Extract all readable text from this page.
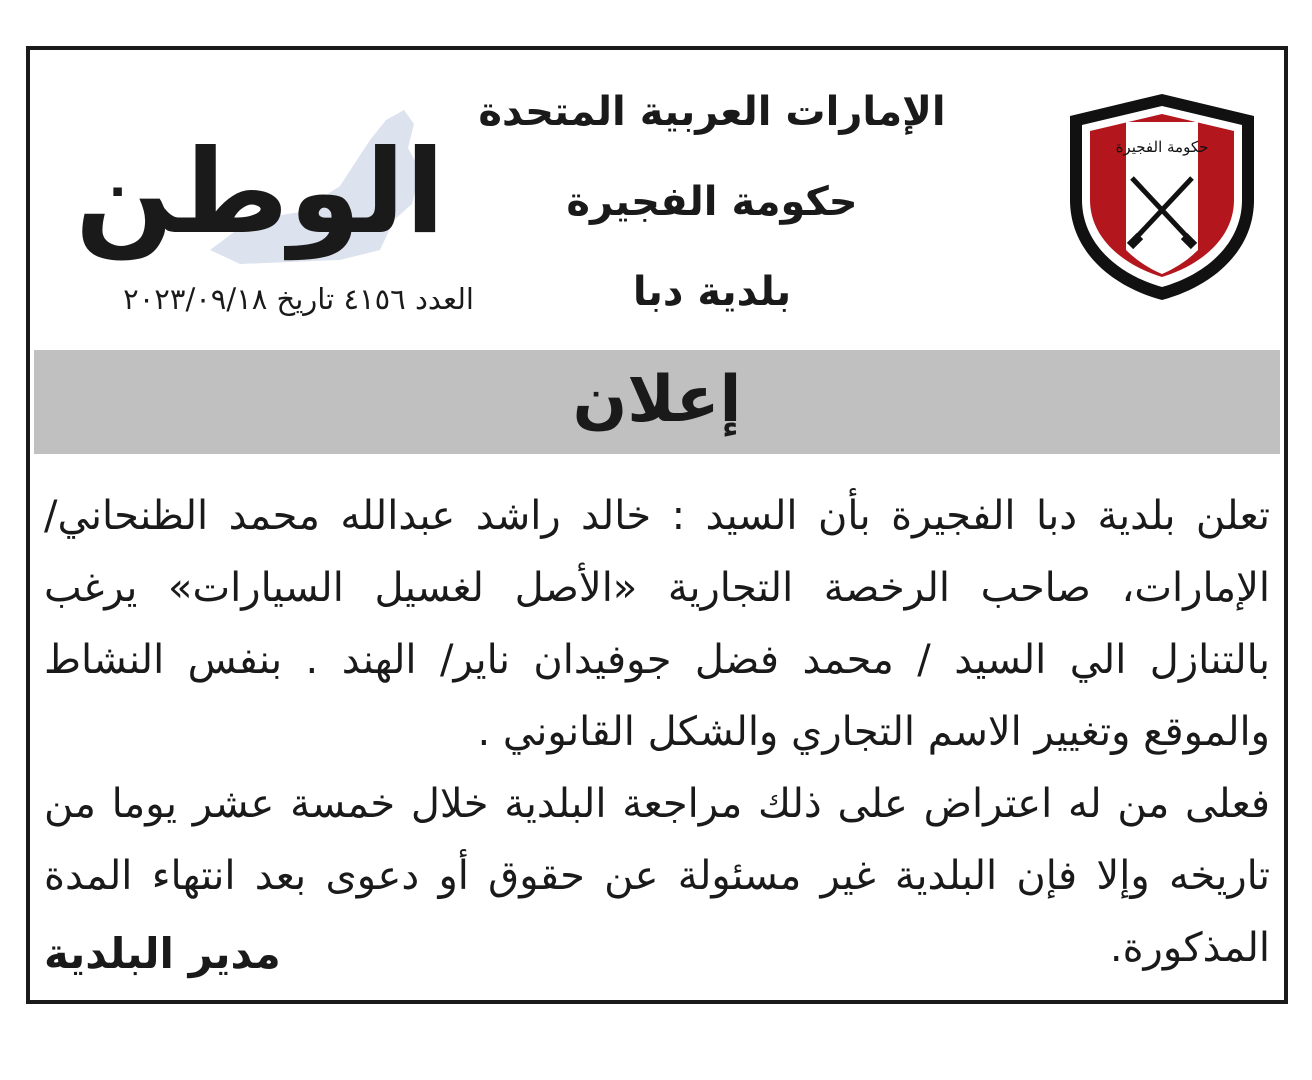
حكومة الفجيرة
الإمارات العربية المتحدة
حكومة الفجيرة
بلدية دبا
الوطن
العدد ٤١٥٦ تاريخ ٢٠٢٣/٠٩/١٨
إعلان

تعلن بلدية دبا الفجيرة بأن السيد : خالد راشد عبدالله محمد الظنحاني/ الإمارات، صاحب الرخصة التجارية «الأصل لغسيل السيارات» يرغب بالتنازل الي السيد / محمد فضل جوفيدان ناير/ الهند . بنفس النشاط والموقع وتغيير الاسم التجاري والشكل القانوني .

فعلى من له اعتراض على ذلك مراجعة البلدية خلال خمسة عشر يوما من تاريخه وإلا فإن البلدية غير مسئولة عن حقوق أو دعوى بعد انتهاء المدة المذكورة.

مدير البلدية
